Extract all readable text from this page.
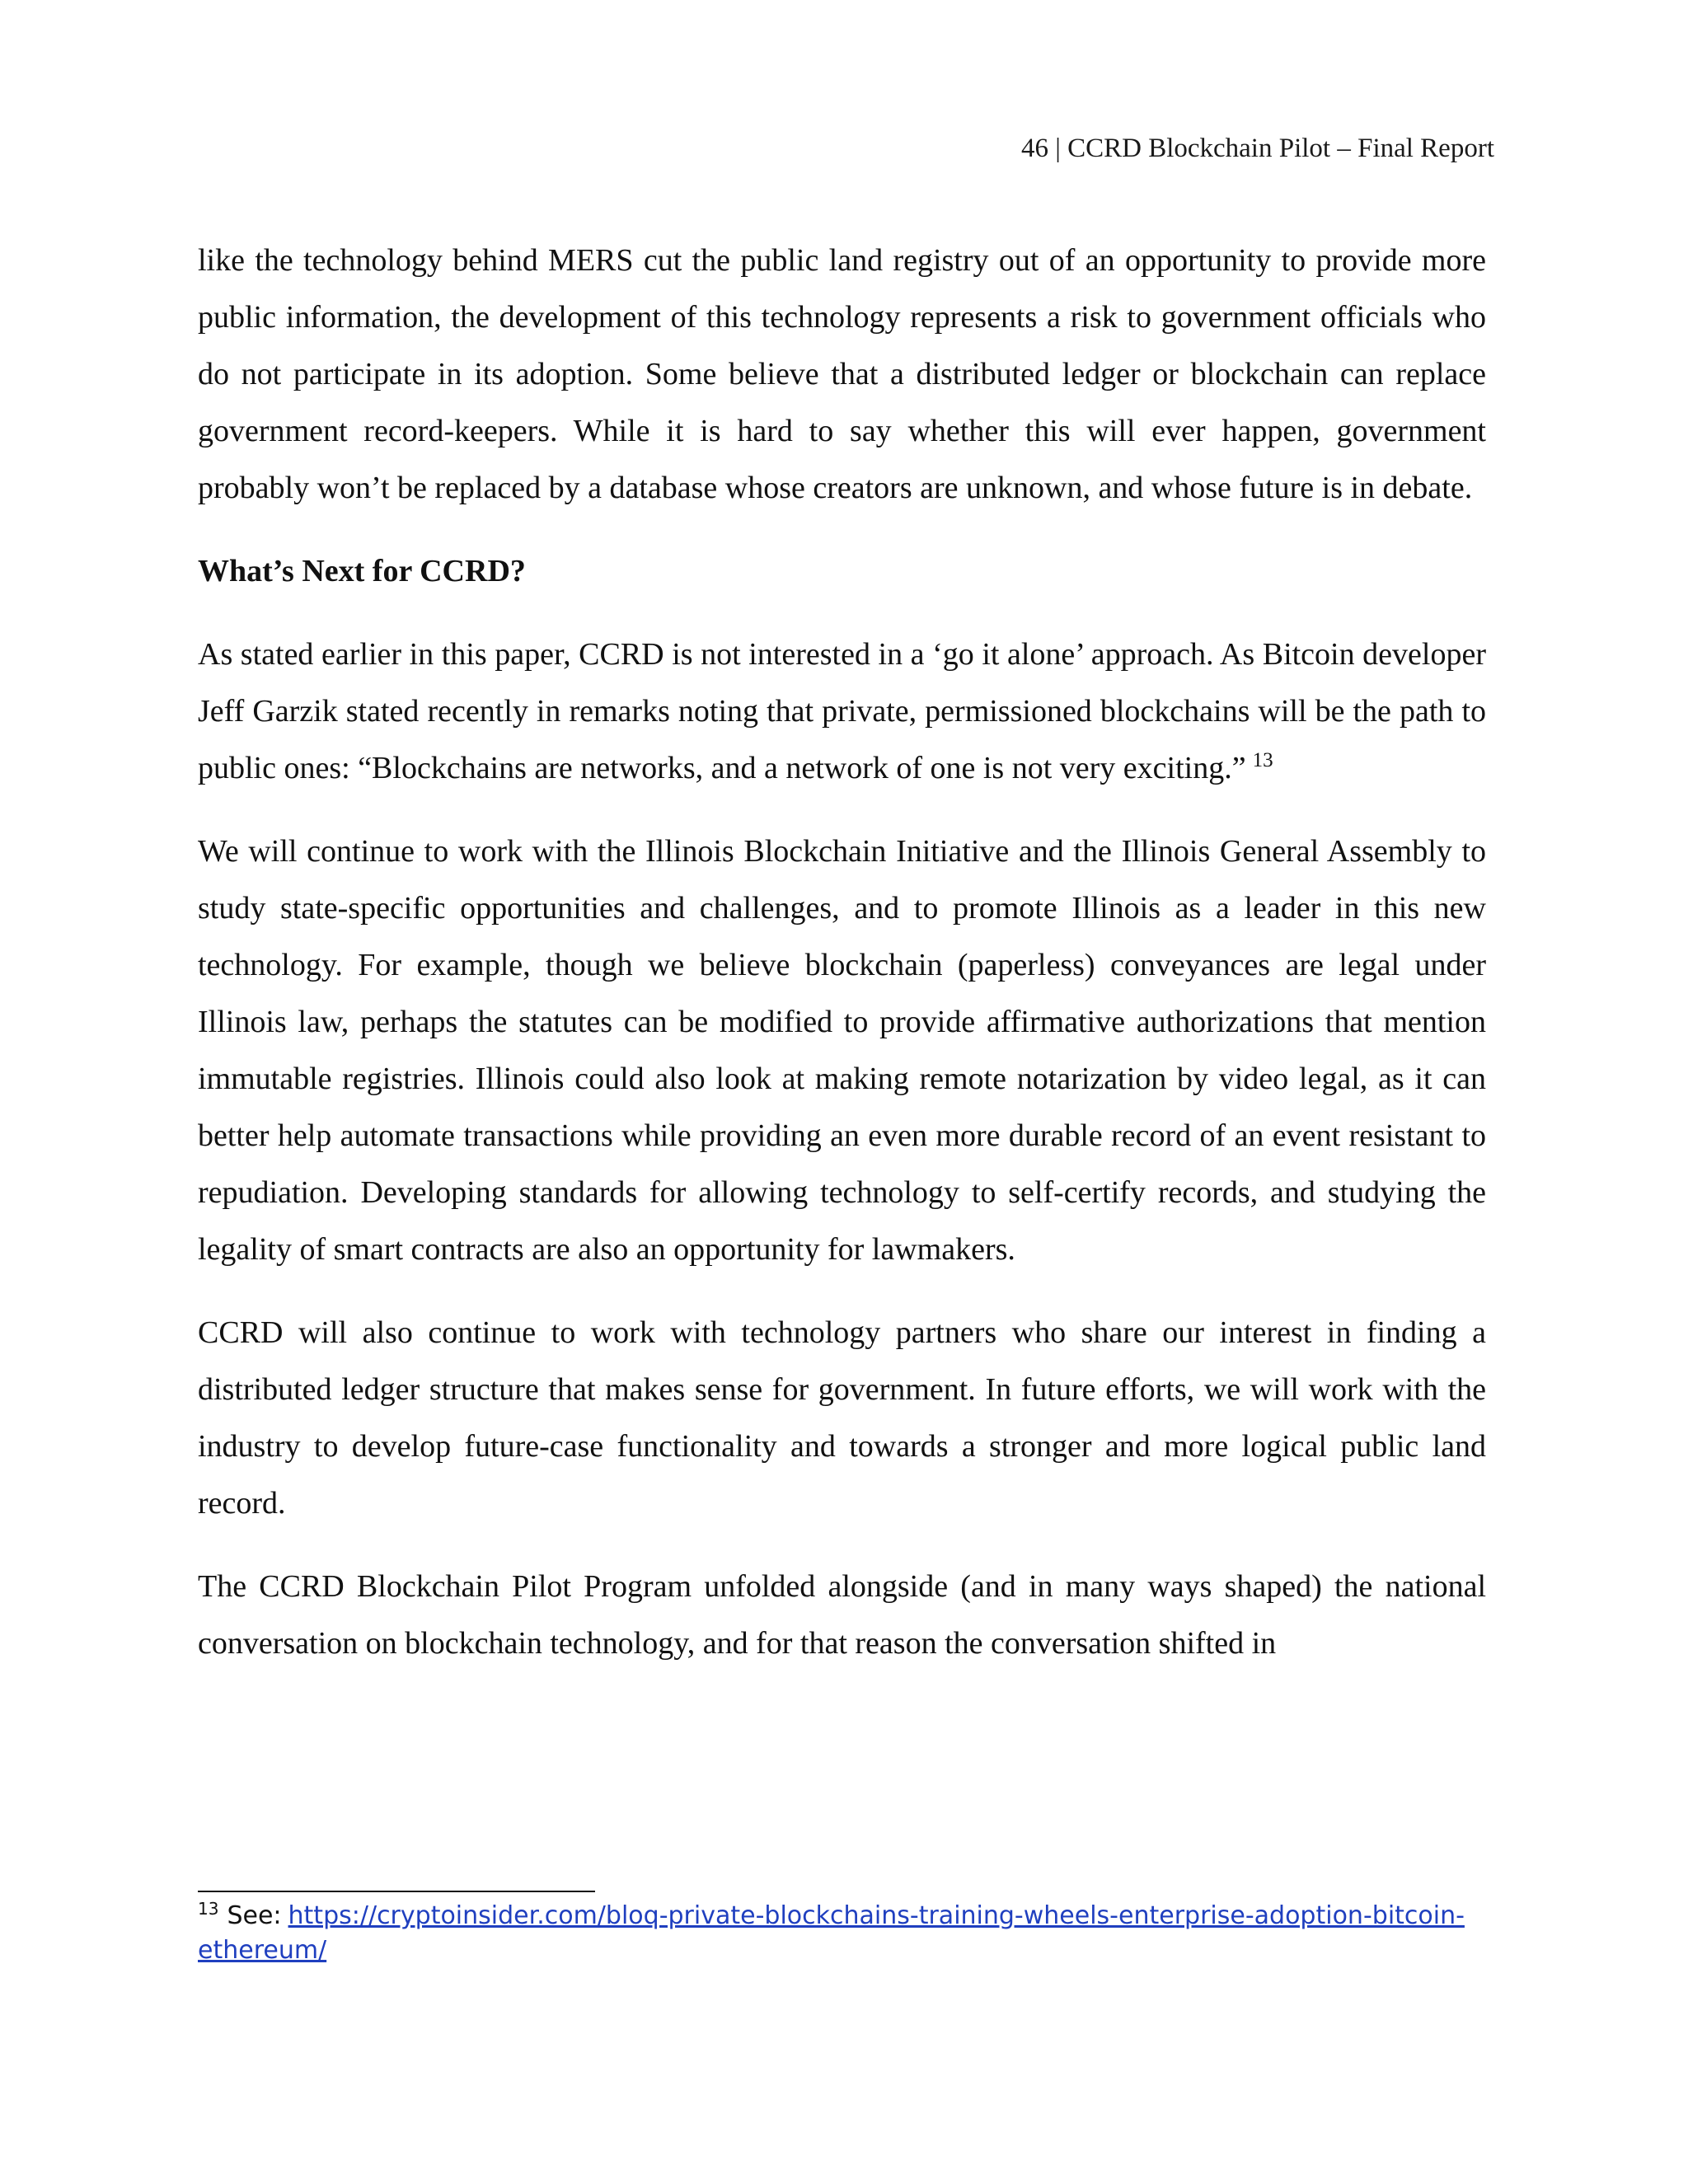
46 | CCRD Blockchain Pilot – Final Report

like the technology behind MERS cut the public land registry out of an opportunity to provide more public information, the development of this technology represents a risk to government officials who do not participate in its adoption. Some believe that a distributed ledger or blockchain can replace government record-keepers. While it is hard to say whether this will ever happen, government probably won’t be replaced by a database whose creators are unknown, and whose future is in debate.

What’s Next for CCRD?

As stated earlier in this paper, CCRD is not interested in a ‘go it alone’ approach. As Bitcoin developer Jeff Garzik stated recently in remarks noting that private, permissioned blockchains will be the path to public ones: “Blockchains are networks, and a network of one is not very exciting.” $^{13}$

We will continue to work with the Illinois Blockchain Initiative and the Illinois General Assembly to study state-specific opportunities and challenges, and to promote Illinois as a leader in this new technology. For example, though we believe blockchain (paperless) conveyances are legal under Illinois law, perhaps the statutes can be modified to provide affirmative authorizations that mention immutable registries. Illinois could also look at making remote notarization by video legal, as it can better help automate transactions while providing an even more durable record of an event resistant to repudiation. Developing standards for allowing technology to self-certify records, and studying the legality of smart contracts are also an opportunity for lawmakers.

CCRD will also continue to work with technology partners who share our interest in finding a distributed ledger structure that makes sense for government. In future efforts, we will work with the industry to develop future-case functionality and towards a stronger and more logical public land record.

The CCRD Blockchain Pilot Program unfolded alongside (and in many ways shaped) the national conversation on blockchain technology, and for that reason the conversation shifted in

$^{13}$ See: https://cryptoinsider.com/bloq-private-blockchains-training-wheels-enterprise-adoption-bitcoin-ethereum/
